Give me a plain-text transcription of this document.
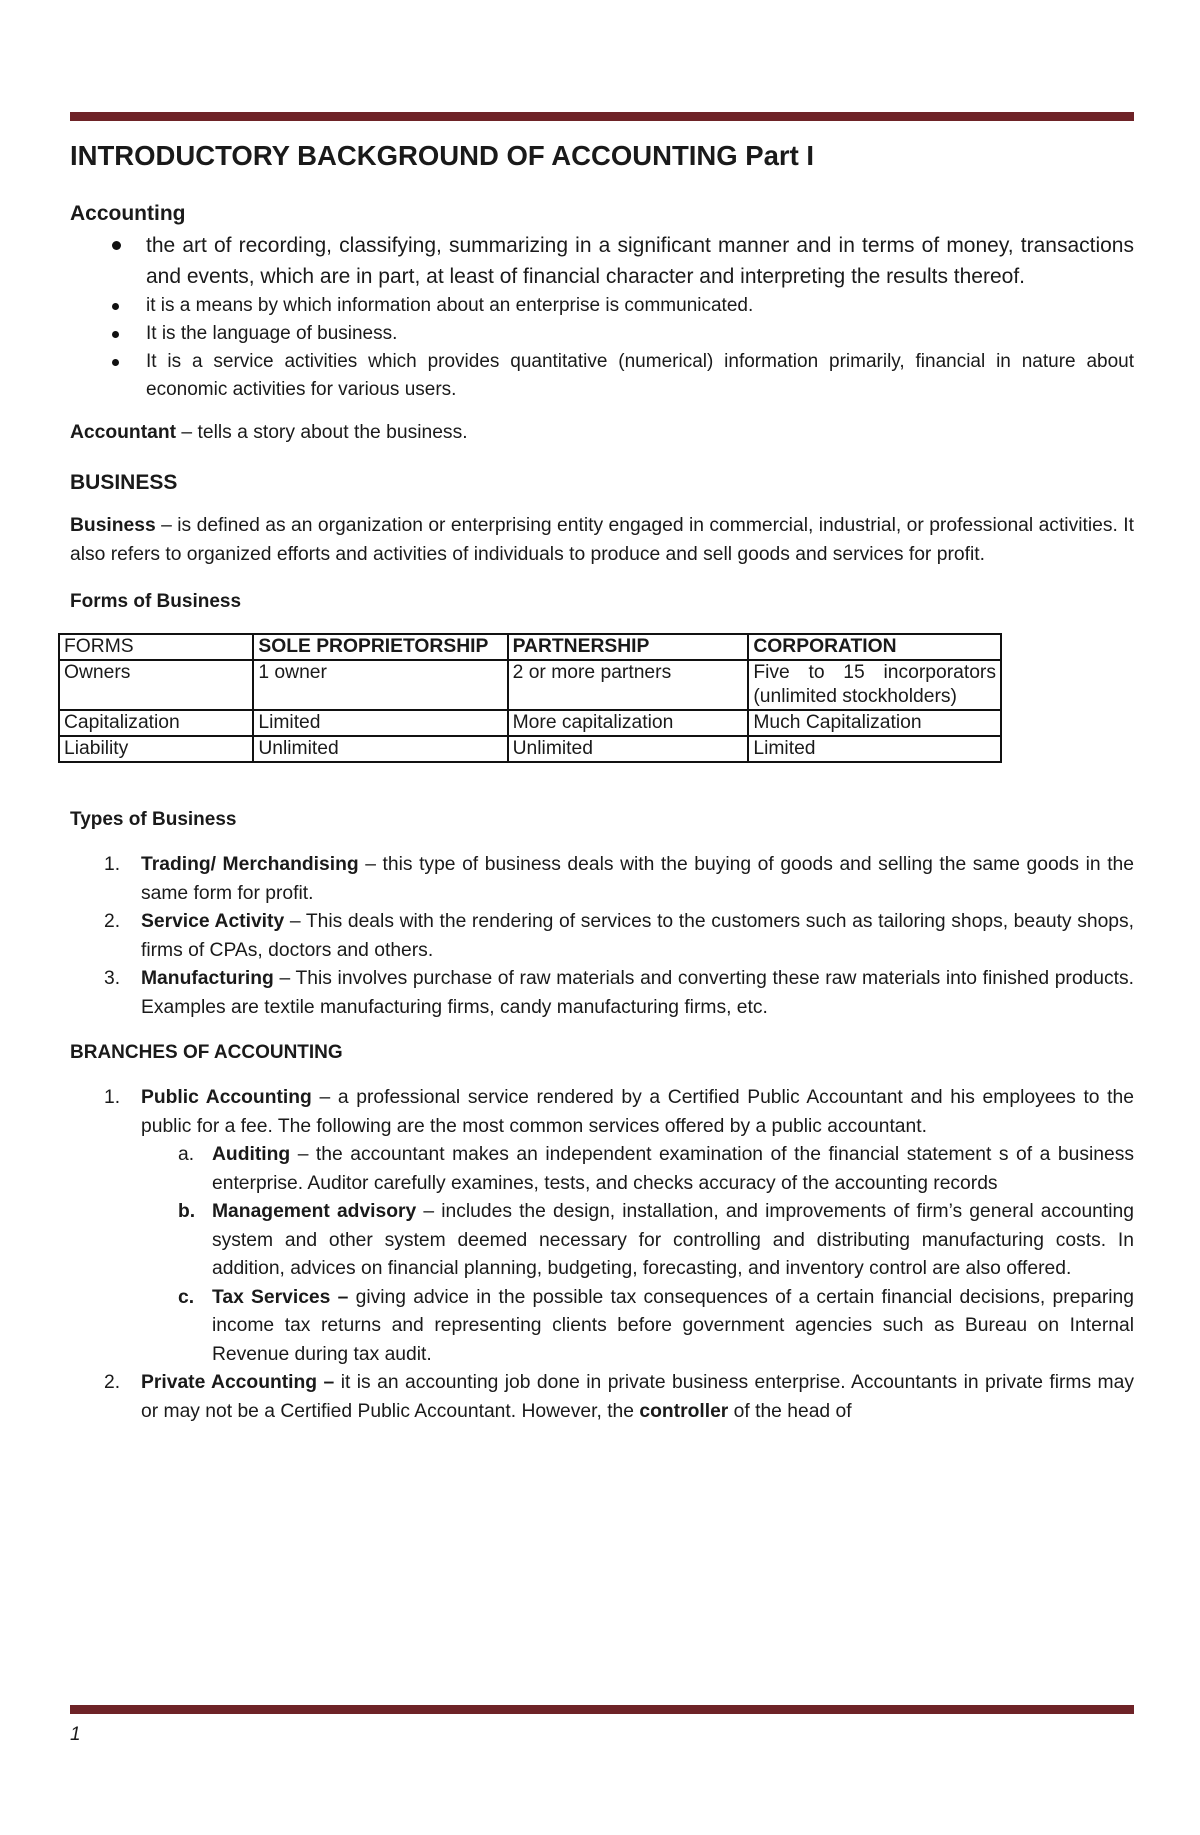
INTRODUCTORY BACKGROUND OF ACCOUNTING Part I
Accounting
the art of recording, classifying, summarizing in a significant manner and in terms of money, transactions and events, which are in part, at least of financial character and interpreting the results thereof.
it is a means by which information about an enterprise is communicated.
It is the language of business.
It is a service activities which provides quantitative (numerical) information primarily, financial in nature about economic activities for various users.

Accountant – tells a story about the business.

BUSINESS

Business – is defined as an organization or enterprising entity engaged in commercial, industrial, or professional activities. It also refers to organized efforts and activities of individuals to produce and sell goods and services for profit.

Forms of Business
FORMS	SOLE PROPRIETORSHIP	PARTNERSHIP	CORPORATION
Owners	1 owner	2 or more partners	Five to 15 incorporators (unlimited stockholders)
Capitalization	Limited	More capitalization	Much Capitalization
Liability	Unlimited	Unlimited	Limited
Types of Business
1. Trading/ Merchandising – this type of business deals with the buying of goods and selling the same goods in the same form for profit.
2. Service Activity – This deals with the rendering of services to the customers such as tailoring shops, beauty shops, firms of CPAs, doctors and others.
3. Manufacturing – This involves purchase of raw materials and converting these raw materials into finished products. Examples are textile manufacturing firms, candy manufacturing firms, etc.
BRANCHES OF ACCOUNTING
1. Public Accounting – a professional service rendered by a Certified Public Accountant and his employees to the public for a fee. The following are the most common services offered by a public accountant.
a. Auditing – the accountant makes an independent examination of the financial statement s of a business enterprise. Auditor carefully examines, tests, and checks accuracy of the accounting records
b. Management advisory – includes the design, installation, and improvements of firm’s general accounting system and other system deemed necessary for controlling and distributing manufacturing costs. In addition, advices on financial planning, budgeting, forecasting, and inventory control are also offered.
c. Tax Services – giving advice in the possible tax consequences of a certain financial decisions, preparing income tax returns and representing clients before government agencies such as Bureau on Internal Revenue during tax audit.
2. Private Accounting – it is an accounting job done in private business enterprise. Accountants in private firms may or may not be a Certified Public Accountant. However, the controller of the head of
1
